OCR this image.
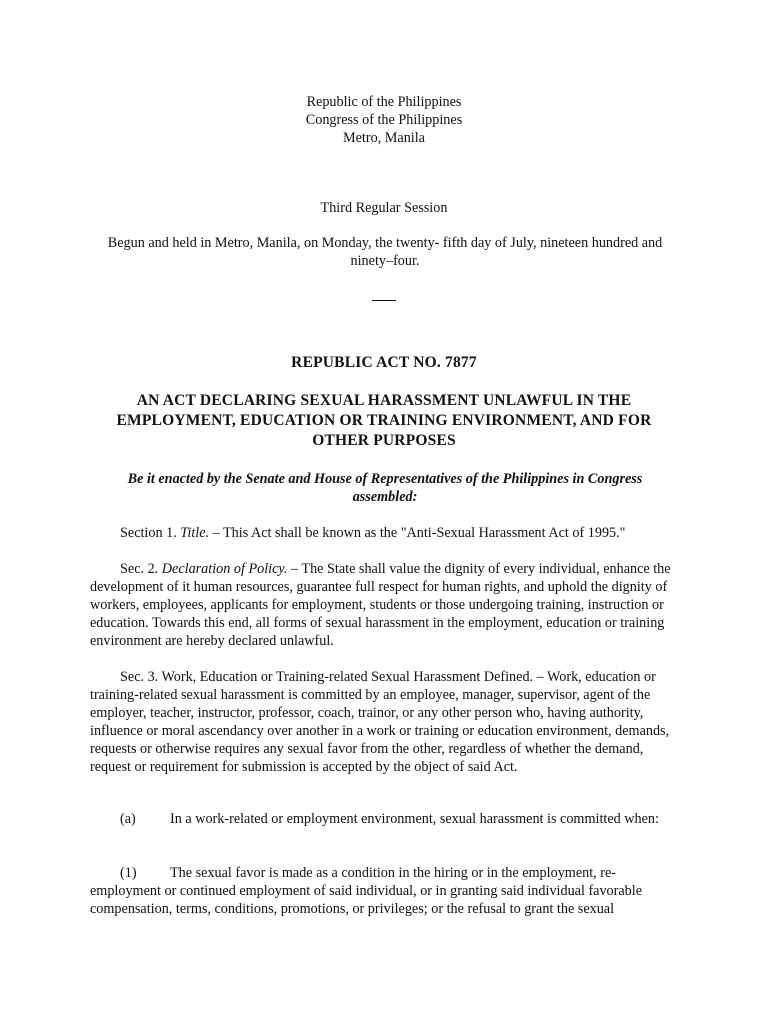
Republic of the Philippines
Congress of the Philippines
Metro, Manila
Third Regular Session
Begun and held in Metro, Manila, on Monday, the twenty- fifth day of July, nineteen hundred and ninety–four.
REPUBLIC ACT NO. 7877
AN ACT DECLARING SEXUAL HARASSMENT UNLAWFUL IN THE EMPLOYMENT, EDUCATION OR TRAINING ENVIRONMENT, AND FOR OTHER PURPOSES
Be it enacted by the Senate and House of Representatives of the Philippines in Congress assembled:
Section 1. Title. – This Act shall be known as the "Anti-Sexual Harassment Act of 1995."
Sec. 2. Declaration of Policy. – The State shall value the dignity of every individual, enhance the development of it human resources, guarantee full respect for human rights, and uphold the dignity of workers, employees, applicants for employment, students or those undergoing training, instruction or education. Towards this end, all forms of sexual harassment in the employment, education or training environment are hereby declared unlawful.
Sec. 3. Work, Education or Training-related Sexual Harassment Defined. – Work, education or training-related sexual harassment is committed by an employee, manager, supervisor, agent of the employer, teacher, instructor, professor, coach, trainor, or any other person who, having authority, influence or moral ascendancy over another in a work or training or education environment, demands, requests or otherwise requires any sexual favor from the other, regardless of whether the demand, request or requirement for submission is accepted by the object of said Act.
(a) In a work-related or employment environment, sexual harassment is committed when:
(1) The sexual favor is made as a condition in the hiring or in the employment, re-employment or continued employment of said individual, or in granting said individual favorable compensation, terms, conditions, promotions, or privileges; or the refusal to grant the sexual
